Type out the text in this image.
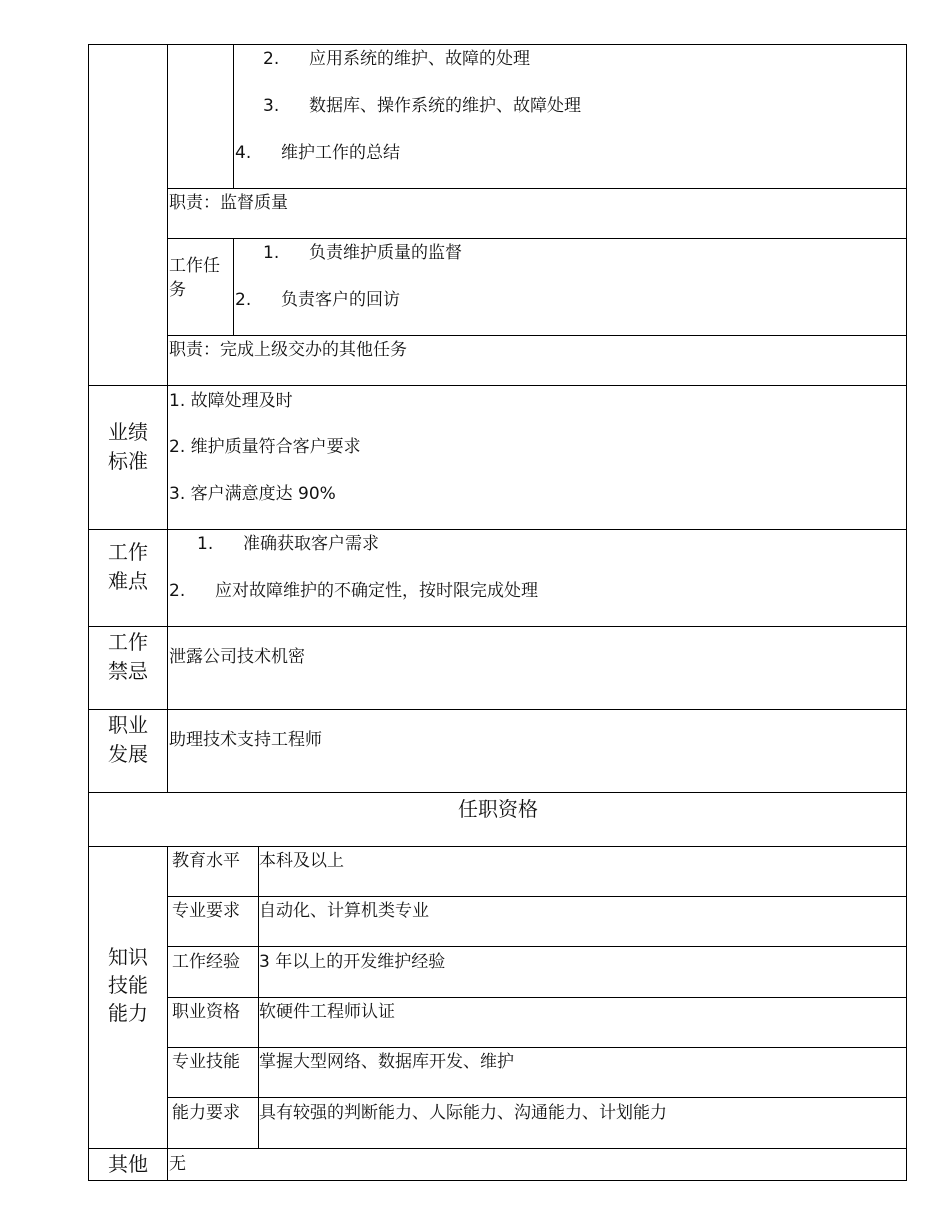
2. 应用系统的维护、故障的处理
3. 数据库、操作系统的维护、故障处理
4. 维护工作的总结
职责：监督质量
工作任务
1. 负责维护质量的监督
2. 负责客户的回访
职责：完成上级交办的其他任务
业绩标准
1. 故障处理及时
2. 维护质量符合客户要求
3. 客户满意度达 90%
工作难点
1. 准确获取客户需求
2. 应对故障维护的不确定性，按时限完成处理
工作禁忌
泄露公司技术机密
职业发展
助理技术支持工程师
任职资格
知识技能能力
教育水平 本科及以上
专业要求 自动化、计算机类专业
工作经验 3 年以上的开发维护经验
职业资格 软硬件工程师认证
专业技能 掌握大型网络、数据库开发、维护
能力要求 具有较强的判断能力、人际能力、沟通能力、计划能力
其他	无
